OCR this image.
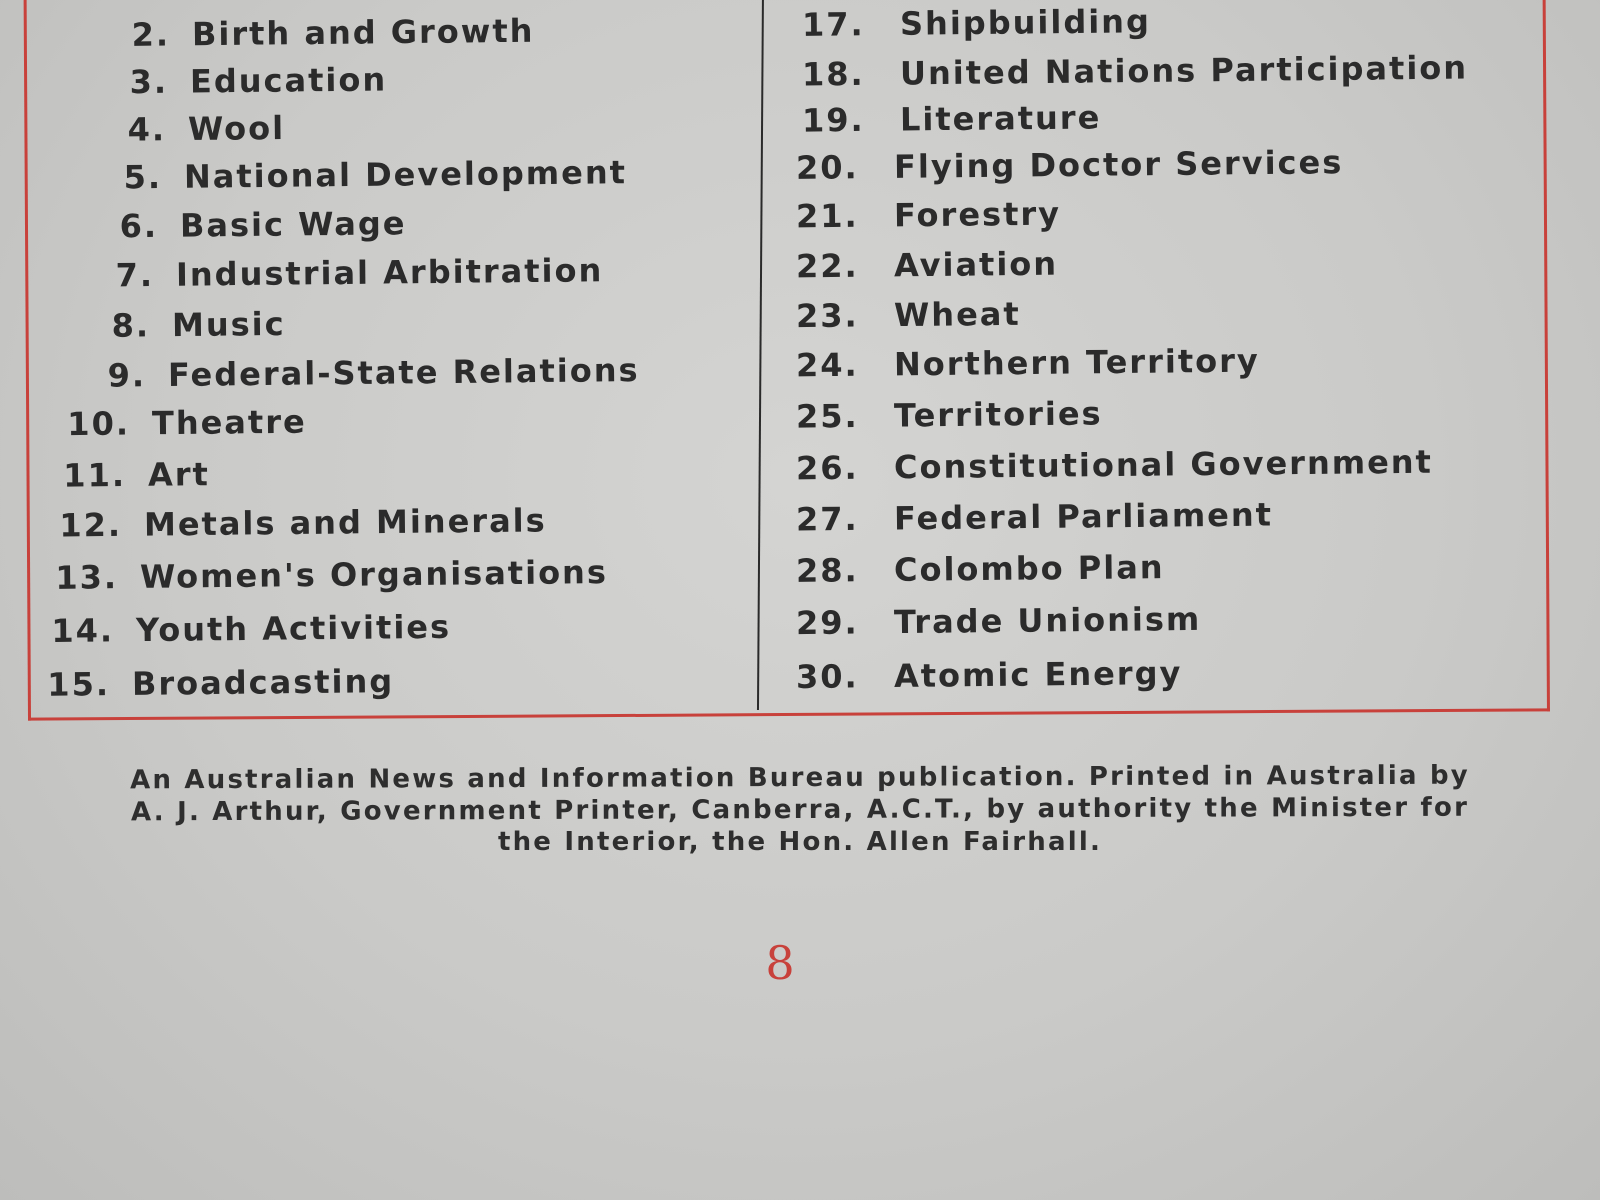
2. Birth and Growth
3. Education
4. Wool
5. National Development
6. Basic Wage
7. Industrial Arbitration
8. Music
9. Federal-State Relations
10. Theatre
11. Art
12. Metals and Minerals
13. Women's Organisations
14. Youth Activities
15. Broadcasting
17. Shipbuilding
18. United Nations Participation
19. Literature
20. Flying Doctor Services
21. Forestry
22. Aviation
23. Wheat
24. Northern Territory
25. Territories
26. Constitutional Government
27. Federal Parliament
28. Colombo Plan
29. Trade Unionism
30. Atomic Energy
An Australian News and Information Bureau publication. Printed in Australia by
A. J. Arthur, Government Printer, Canberra, A.C.T., by authority the Minister for
the Interior, the Hon. Allen Fairhall.
8
